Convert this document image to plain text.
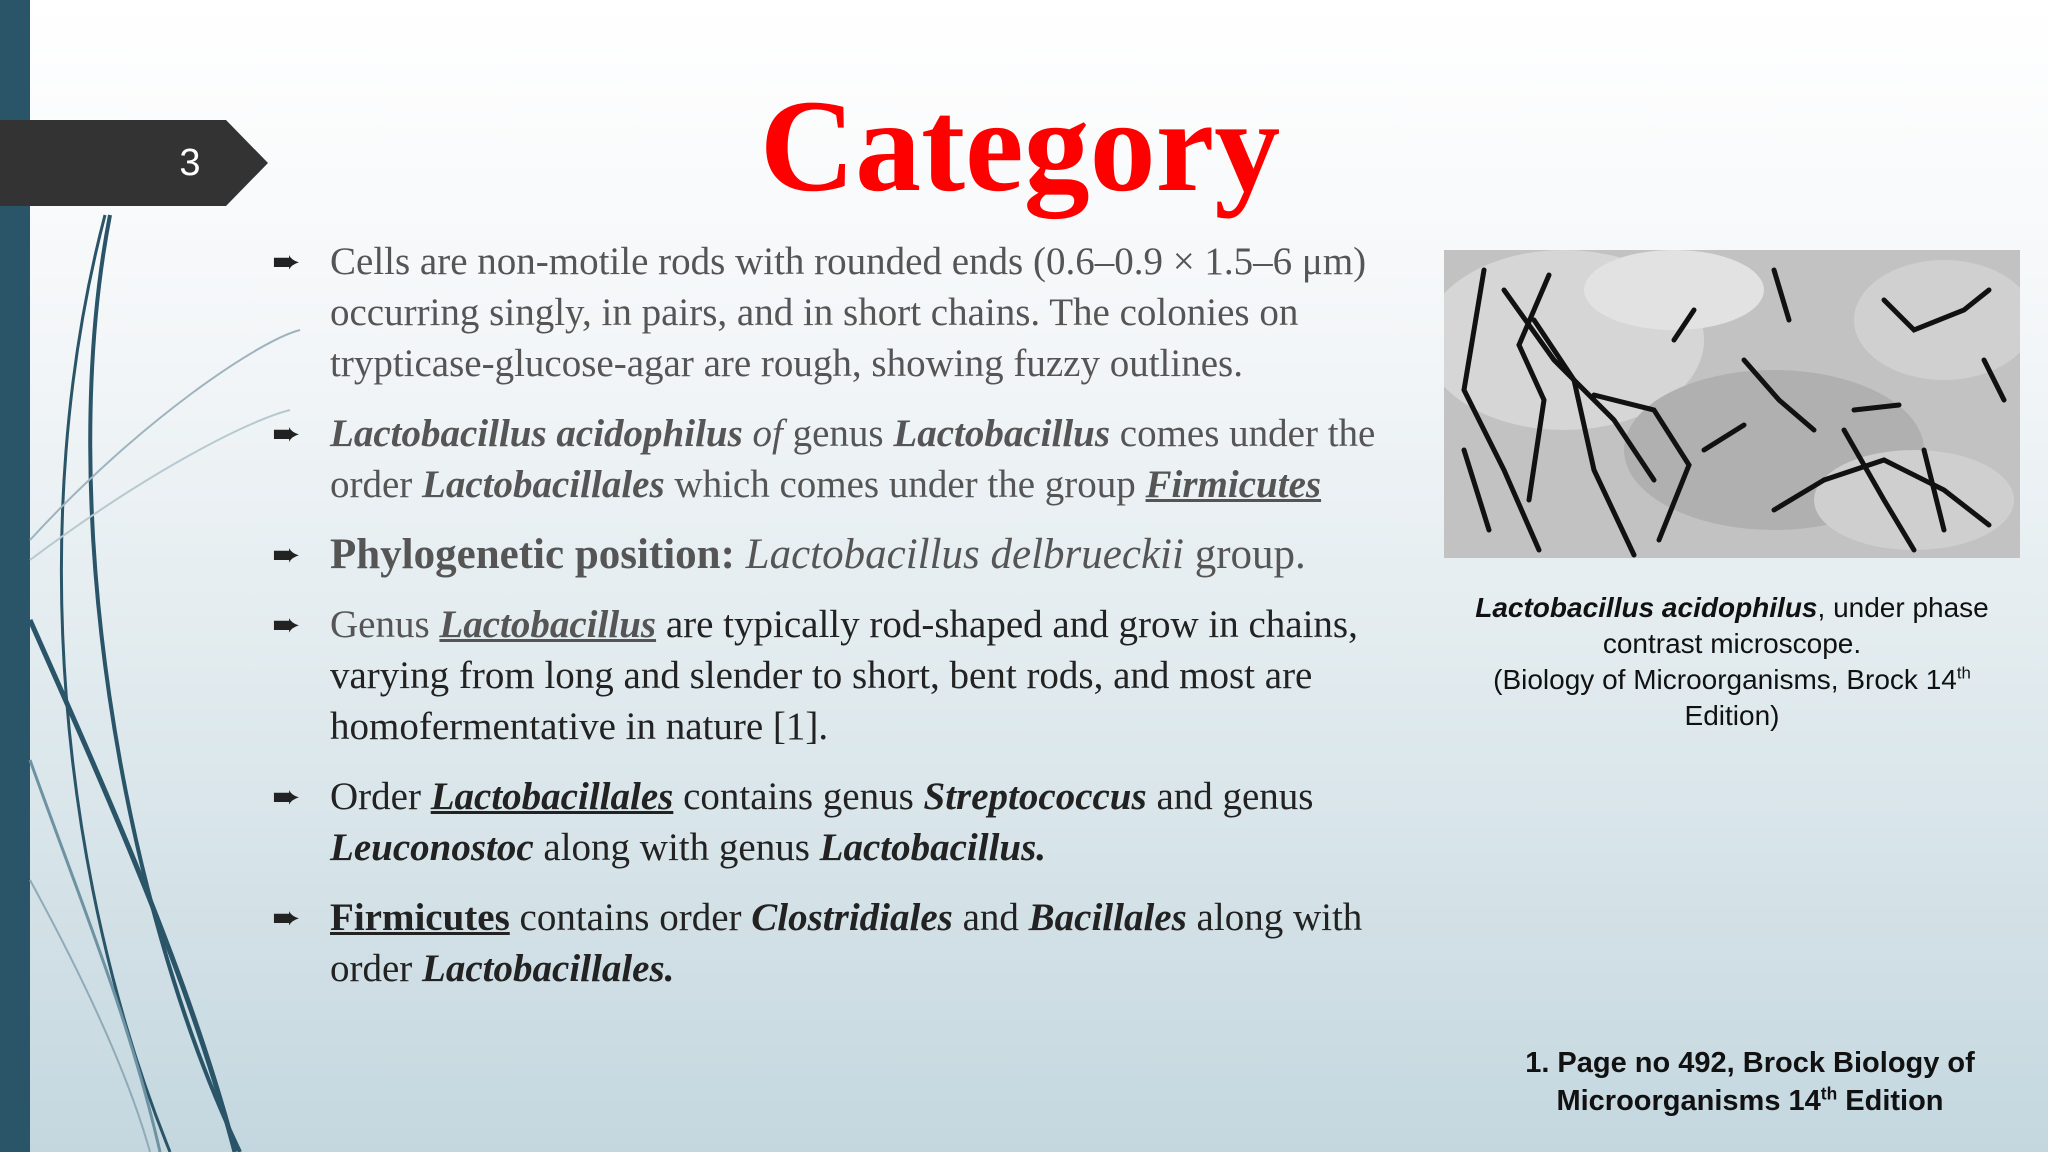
3	Category
➨ Cells are non-motile rods with rounded ends (0.6–0.9 × 1.5–6 μm) occurring singly, in pairs, and in short chains. The colonies on trypticase-glucose-agar are rough, showing fuzzy outlines.
➨ Lactobacillus acidophilus of genus Lactobacillus comes under the order Lactobacillales which comes under the group Firmicutes
➨ Phylogenetic position: Lactobacillus delbrueckii group.
➨ Genus Lactobacillus are typically rod-shaped and grow in chains, varying from long and slender to short, bent rods, and most are homofermentative in nature [1].
➨ Order Lactobacillales contains genus Streptococcus and genus Leuconostoc along with genus Lactobacillus.
➨ Firmicutes contains order Clostridiales and Bacillales along with order Lactobacillales.
Lactobacillus acidophilus, under phase contrast microscope.
(Biology of Microorganisms, Brock 14th Edition)
1. Page no 492, Brock Biology of Microorganisms 14th Edition
